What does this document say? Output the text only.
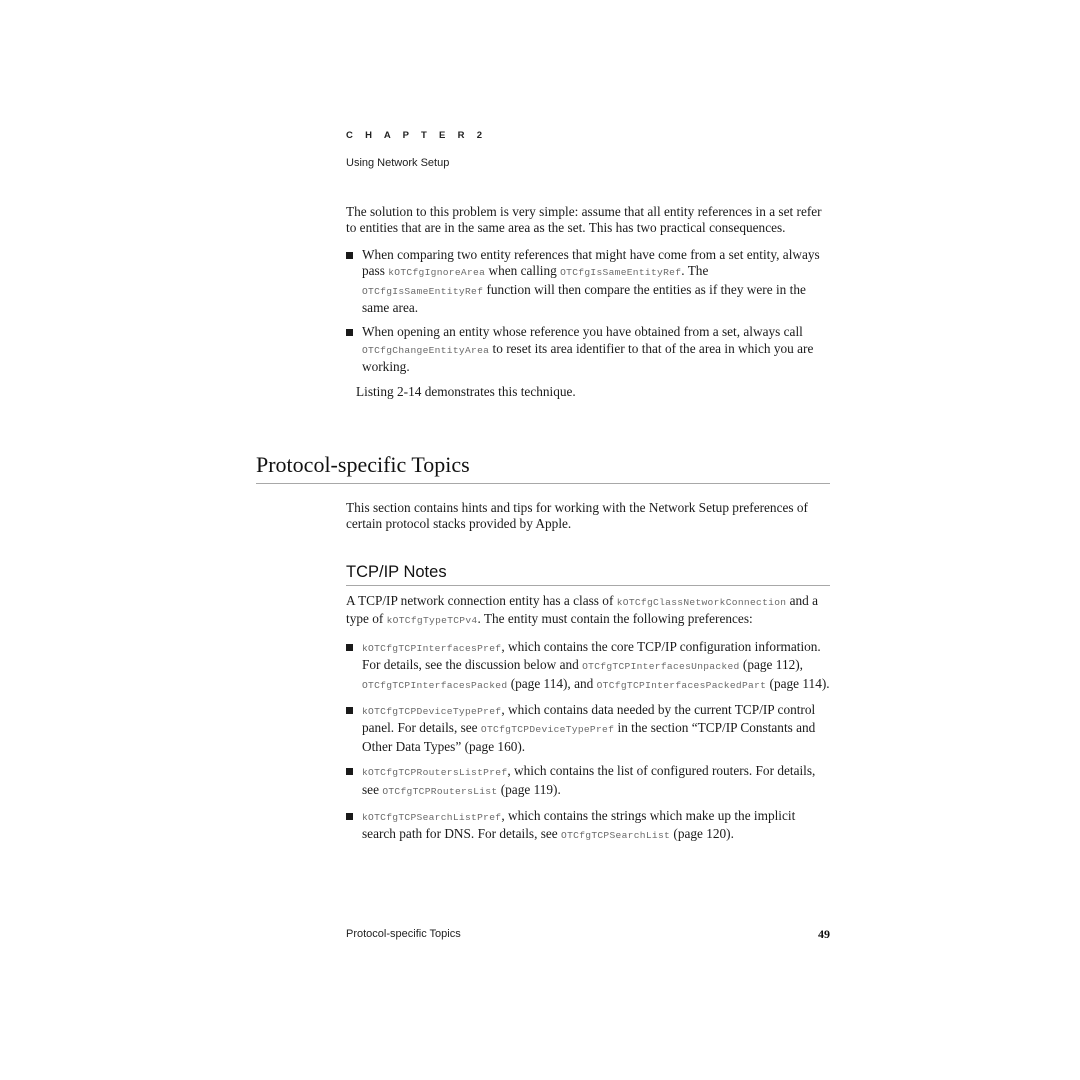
C H A P T E R 2
Using Network Setup

The solution to this problem is very simple: assume that all entity references in a set refer to entities that are in the same area as the set. This has two practical consequences.

When comparing two entity references that might have come from a set entity, always pass kOTCfgIgnoreArea when calling OTCfgIsSameEntityRef. The OTCfgIsSameEntityRef function will then compare the entities as if they were in the same area.
When opening an entity whose reference you have obtained from a set, always call OTCfgChangeEntityArea to reset its area identifier to that of the area in which you are working.

Listing 2-14 demonstrates this technique.

Protocol-specific Topics

This section contains hints and tips for working with the Network Setup preferences of certain protocol stacks provided by Apple.

TCP/IP Notes

A TCP/IP network connection entity has a class of kOTCfgClassNetworkConnection and a type of kOTCfgTypeTCPv4. The entity must contain the following preferences:

kOTCfgTCPInterfacesPref, which contains the core TCP/IP configuration information. For details, see the discussion below and OTCfgTCPInterfacesUnpacked (page 112), OTCfgTCPInterfacesPacked (page 114), and OTCfgTCPInterfacesPackedPart (page 114).
kOTCfgTCPDeviceTypePref, which contains data needed by the current TCP/IP control panel. For details, see OTCfgTCPDeviceTypePref in the section “TCP/IP Constants and Other Data Types” (page 160).
kOTCfgTCPRoutersListPref, which contains the list of configured routers. For details, see OTCfgTCPRoutersList (page 119).
kOTCfgTCPSearchListPref, which contains the strings which make up the implicit search path for DNS. For details, see OTCfgTCPSearchList (page 120).
Protocol-specific Topics	49
